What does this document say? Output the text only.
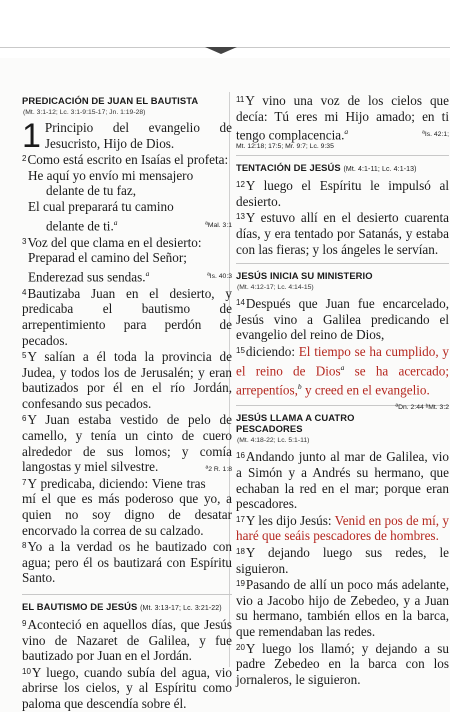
PREDICACIÓN DE JUAN EL BAUTISTA
(Mt. 3:1-12; Lc. 3:1-9:15-17; Jn. 1:19-28)

1 Principio del evangelio de Jesucristo, Hijo de Dios.

$^2$Como está escrito en Isaías el profeta:

He aquí yo envío mi mensajero
delante de tu faz,
El cual preparará tu camino
delante de ti.$^a$	ªMal. 3:1

$^3$Voz del que clama en el desierto:

Preparad el camino del Señor;
Enderezad sus sendas.$^a$	ªIs. 40:3

$^4$Bautizaba Juan en el desierto, y predicaba el bautismo de arrepentimiento para perdón de pecados.

$^5$Y salían a él toda la provincia de Judea, y todos los de Jerusalén; y eran bautizados por él en el río Jordán, confesando sus pecados.

$^6$Y Juan estaba vestido de pelo de camello, y tenía un cinto de cuero alrededor de sus lomos; y comía langostas y miel silvestre.	ª2 R. 1:8

$^7$Y predicaba, diciendo: Viene tras mí el que es más poderoso que yo, a quien no soy digno de desatar encorvado la correa de su calzado.

$^8$Yo a la verdad os he bautizado con agua; pero él os bautizará con Espíritu Santo.

EL BAUTISMO DE JESÚS (Mt. 3:13-17; Lc. 3:21-22)

$^9$Aconteció en aquellos días, que Jesús vino de Nazaret de Galilea, y fue bautizado por Juan en el Jordán.

$^{10}$Y luego, cuando subía del agua, vio abrirse los cielos, y al Espíritu como paloma que descendía sobre él.

$^{11}$Y vino una voz de los cielos que decía: Tú eres mi Hijo amado; en ti tengo complacencia.$^a$	ªIs. 42:1;

Mt. 12:18; 17:5; Mr. 9:7; Lc. 9:35
TENTACIÓN DE JESÚS (Mt. 4:1-11; Lc. 4:1-13)

$^{12}$Y luego el Espíritu le impulsó al desierto.

$^{13}$Y estuvo allí en el desierto cuarenta días, y era tentado por Satanás, y estaba con las fieras; y los ángeles le servían.

JESÚS INICIA SU MINISTERIO
(Mt. 4:12-17; Lc. 4:14-15)

$^{14}$Después que Juan fue encarcelado, Jesús vino a Galilea predicando el evangelio del reino de Dios,

$^{15}$diciendo: El tiempo se ha cumplido, y el reino de Dios$^a$ se ha acercado; arrepentíos,$^b$ y creed en el evangelio.
ªDn. 2:44 ᵇMt. 3:2

JESÚS LLAMA A CUATRO PESCADORES
(Mt. 4:18-22; Lc. 5:1-11)

$^{16}$Andando junto al mar de Galilea, vio a Simón y a Andrés su hermano, que echaban la red en el mar; porque eran pescadores.

$^{17}$Y les dijo Jesús: Venid en pos de mí, y haré que seáis pescadores de hombres.

$^{18}$Y dejando luego sus redes, le siguieron.

$^{19}$Pasando de allí un poco más adelante, vio a Jacobo hijo de Zebedeo, y a Juan su hermano, también ellos en la barca, que remendaban las redes.

$^{20}$Y luego los llamó; y dejando a su padre Zebedeo en la barca con los jornaleros, le siguieron.
